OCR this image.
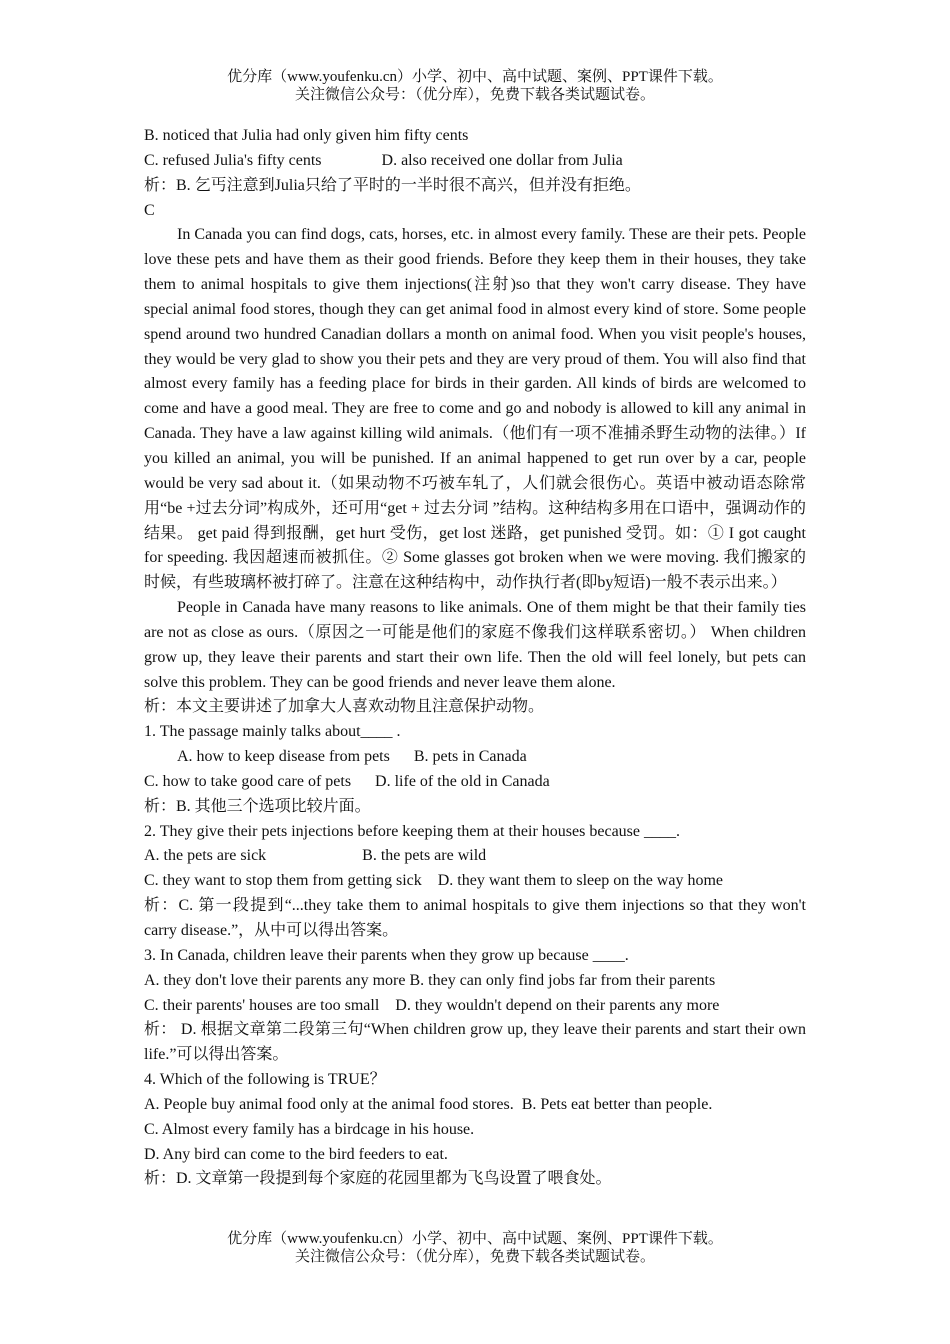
优分库（www.youfenku.cn）小学、初中、高中试题、案例、PPT课件下载。
关注微信公众号：（优分库），免费下载各类试题试卷。

B. noticed that Julia had only given him fifty cents

C. refused Julia's fifty cents               D. also received one dollar from Julia

析：B. 乞丐注意到Julia只给了平时的一半时很不高兴，但并没有拒绝。

C

In Canada you can find dogs, cats, horses, etc. in almost every family. These are their pets. People love these pets and have them as their good friends. Before they keep them in their houses, they take them to animal hospitals to give them injections(注射)so that they won't carry disease. They have special animal food stores, though they can get animal food in almost every kind of store. Some people spend around two hundred Canadian dollars a month on animal food. When you visit people's houses, they would be very glad to show you their pets and they are very proud of them. You will also find that almost every family has a feeding place for birds in their garden. All kinds of birds are welcomed to come and have a good meal. They are free to come and go and nobody is allowed to kill any animal in Canada. They have a law against killing wild animals.（他们有一项不准捕杀野生动物的法律。）If you killed an animal, you will be punished. If an animal happened to get run over by a car, people would be very sad about it.（如果动物不巧被车轧了，人们就会很伤心。英语中被动语态除常用“be +过去分词”构成外，还可用“get + 过去分词 ”结构。这种结构多用在口语中，强调动作的结果。 get paid 得到报酬，get hurt 受伤，get lost 迷路，get punished 受罚。如：① I got caught for speeding. 我因超速而被抓住。② Some glasses got broken when we were moving. 我们搬家的时候，有些玻璃杯被打碎了。注意在这种结构中，动作执行者(即by短语)一般不表示出来。）

People in Canada have many reasons to like animals. One of them might be that their family ties are not as close as ours.（原因之一可能是他们的家庭不像我们这样联系密切。） When children grow up, they leave their parents and start their own life. Then the old will feel lonely, but pets can solve this problem. They can be good friends and never leave them alone.

析：本文主要讲述了加拿大人喜欢动物且注意保护动物。

1. The passage mainly talks about____ .

A. how to keep disease from pets      B. pets in Canada

C. how to take good care of pets      D. life of the old in Canada

析：B. 其他三个选项比较片面。

2. They give their pets injections before keeping them at their houses because ____.

A. the pets are sick                        B. the pets are wild

C. they want to stop them from getting sick    D. they want them to sleep on the way home

析：C. 第一段提到“...they take them to animal hospitals to give them injections so that they won't carry disease.”，从中可以得出答案。

3. In Canada, children leave their parents when they grow up because ____.

A. they don't love their parents any more B. they can only find jobs far from their parents

C. their parents' houses are too small    D. they wouldn't depend on their parents any more

析： D. 根据文章第二段第三句“When children grow up, they leave their parents and start their own life.”可以得出答案。

4. Which of the following is TRUE？

A. People buy animal food only at the animal food stores.  B. Pets eat better than people.

C. Almost every family has a birdcage in his house.

D. Any bird can come to the bird feeders to eat.

析：D. 文章第一段提到每个家庭的花园里都为飞鸟设置了喂食处。

优分库（www.youfenku.cn）小学、初中、高中试题、案例、PPT课件下载。
关注微信公众号：（优分库），免费下载各类试题试卷。
